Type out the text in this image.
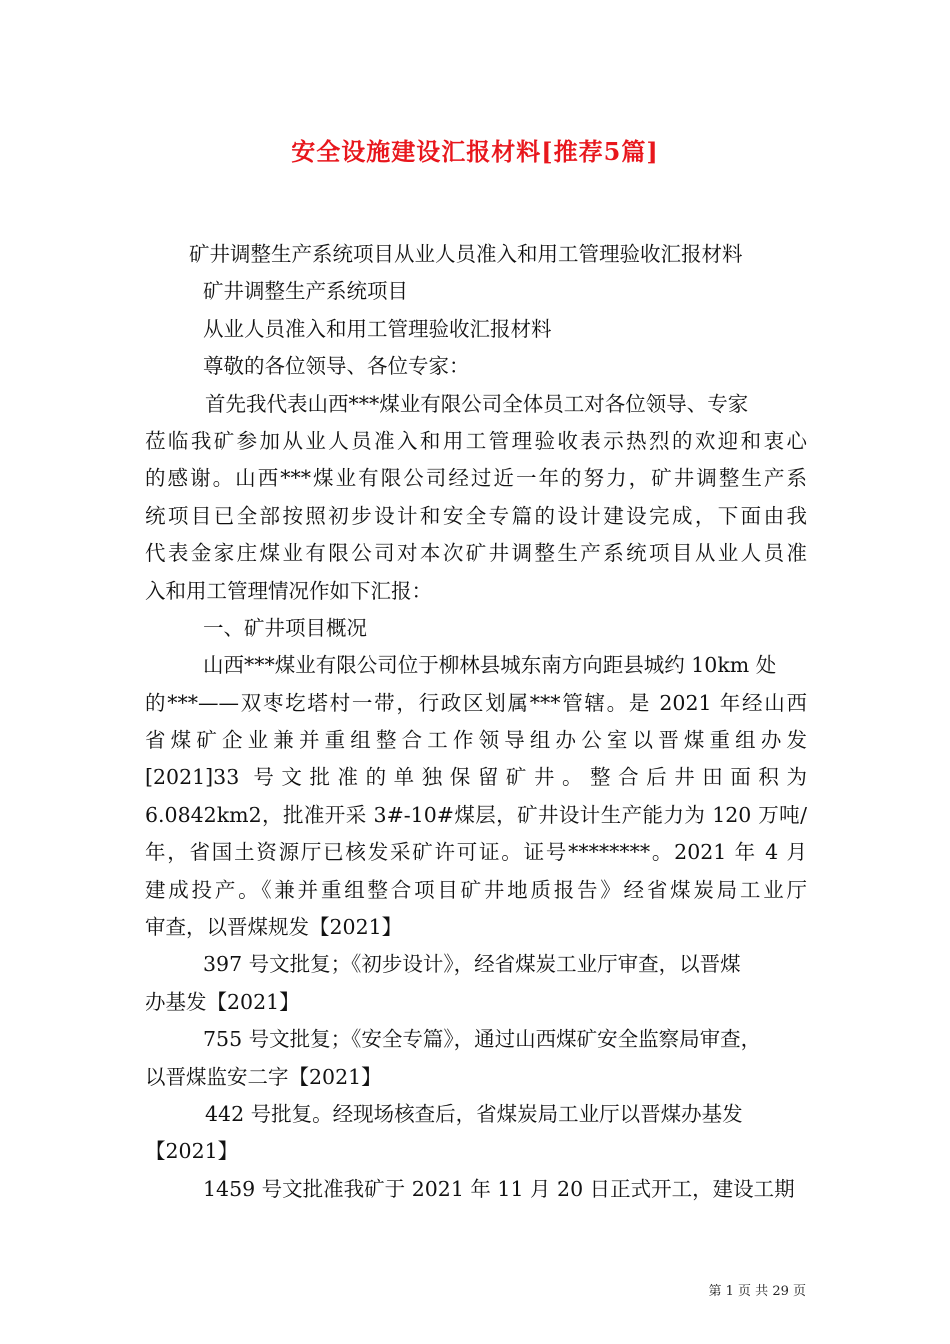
安全设施建设汇报材料[推荐5篇]
矿井调整生产系统项目从业人员准入和用工管理验收汇报材料
矿井调整生产系统项目
从业人员准入和用工管理验收汇报材料
尊敬的各位领导、各位专家：
首先我代表山西***煤业有限公司全体员工对各位领导、专家
莅临我矿参加从业人员准入和用工管理验收表示热烈的欢迎和衷心
的感谢。山西***煤业有限公司经过近一年的努力，矿井调整生产系
统项目已全部按照初步设计和安全专篇的设计建设完成，下面由我
代表金家庄煤业有限公司对本次矿井调整生产系统项目从业人员准
入和用工管理情况作如下汇报：
一、矿井项目概况
山西***煤业有限公司位于柳林县城东南方向距县城约 10km 处
的***——双枣圪塔村一带，行政区划属***管辖。是 2021 年经山西
省煤矿企业兼并重组整合工作领导组办公室以晋煤重组办发
[2021]33 号文批准的单独保留矿井。整合后井田面积为
6.0842km2，批准开采 3#-10#煤层，矿井设计生产能力为 120 万吨/
年，省国土资源厅已核发采矿许可证。证号********。2021 年 4 月
建成投产。《兼并重组整合项目矿井地质报告》经省煤炭局工业厅
审查，以晋煤规发【2021】
397 号文批复；《初步设计》，经省煤炭工业厅审查，以晋煤
办基发【2021】
755 号文批复；《安全专篇》，通过山西煤矿安全监察局审查，
以晋煤监安二字【2021】
442 号批复。经现场核查后，省煤炭局工业厅以晋煤办基发
【2021】
1459 号文批准我矿于 2021 年 11 月 20 日正式开工，建设工期
第 1 页 共 29 页
